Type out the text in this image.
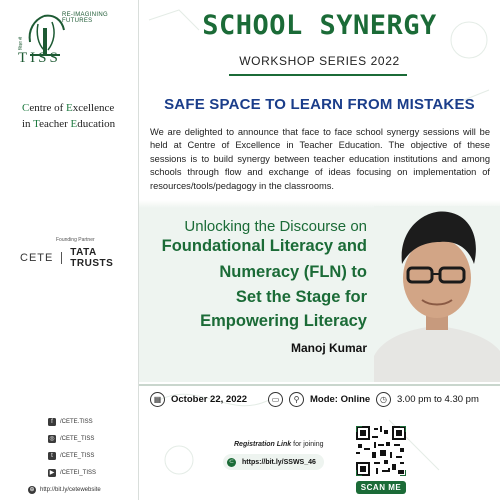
शिक्षा से
RE-IMAGINING FUTURES
TISS
Centre of Excellence
in Teacher Education
Founding Partner
CETE TATA TRUSTS
f	/CETE.TISS
◎ /CETE_TISS
t	/CETE_TISS
▶ /CETEI_TISS
⊕ http://bit.ly/cetewebsite
SCHOOL SYNERGY
WORKSHOP SERIES 2022
SAFE SPACE TO LEARN FROM MISTAKES

We are delighted to announce that face to face school synergy sessions will be held at Centre of Excellence in Teacher Education. The objective of these sessions is to build synergy between teacher education institutions and among schools through flow and exchange of ideas focusing on implementation of resources/tools/pedagogy in the classrooms.

Unlocking the Discourse on
Foundational Literacy and
Numeracy (FLN) to
Set the Stage for
Empowering Literacy
Manoj Kumar
▦	October 22, 2022	▭	⚲	Mode: Online	◷	3.00 pm to 4.30 pm
Registration Link for joining
⊂ https://bit.ly/SSWS_46
SCAN ME
